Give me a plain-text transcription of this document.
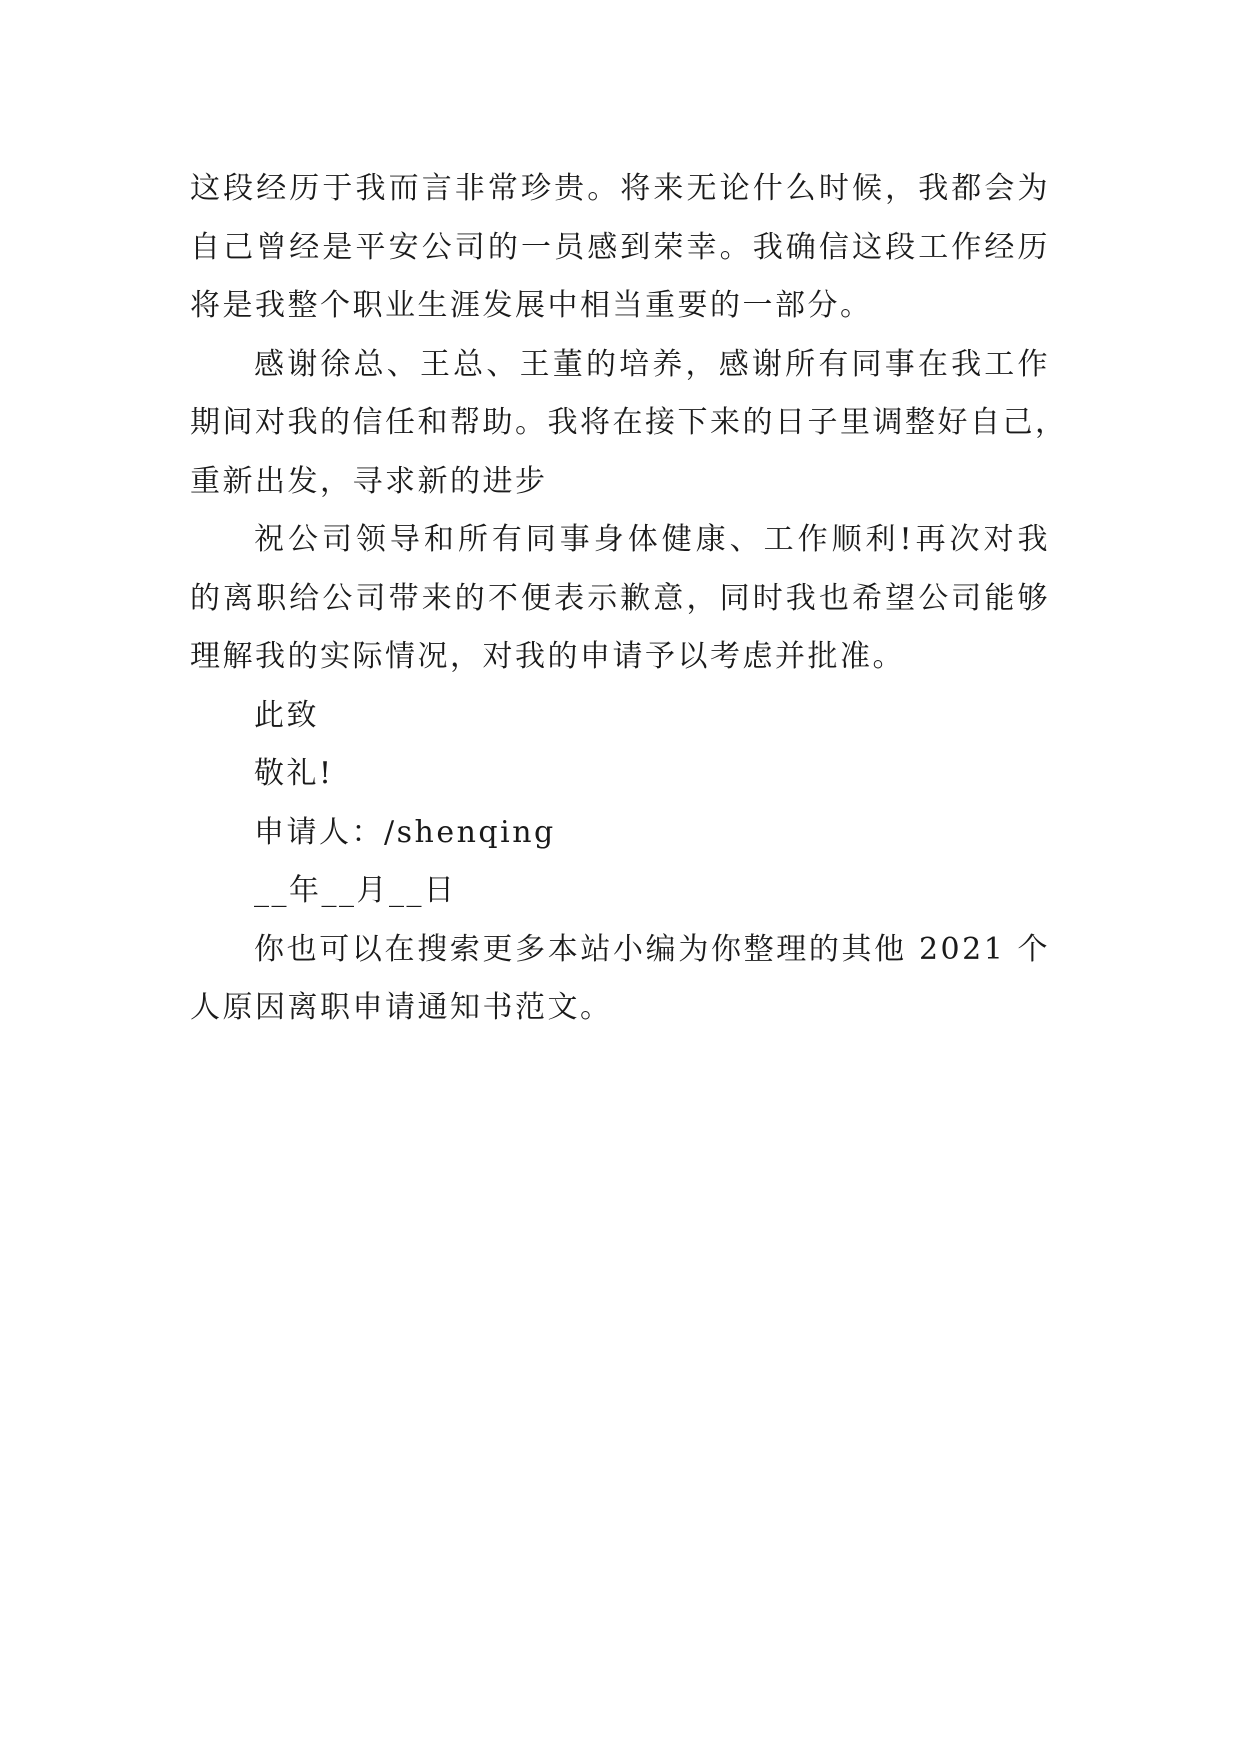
这段经历于我而言非常珍贵。将来无论什么时候，我都会为
自己曾经是平安公司的一员感到荣幸。我确信这段工作经历
将是我整个职业生涯发展中相当重要的一部分。

感谢徐总、王总、王董的培养，感谢所有同事在我工作
期间对我的信任和帮助。我将在接下来的日子里调整好自己，
重新出发，寻求新的进步

祝公司领导和所有同事身体健康、工作顺利!再次对我
的离职给公司带来的不便表示歉意，同时我也希望公司能够
理解我的实际情况，对我的申请予以考虑并批准。

此致
敬礼!
申请人：/shenqing
__年__月__日

你也可以在搜索更多本站小编为你整理的其他 2021 个
人原因离职申请通知书范文。
